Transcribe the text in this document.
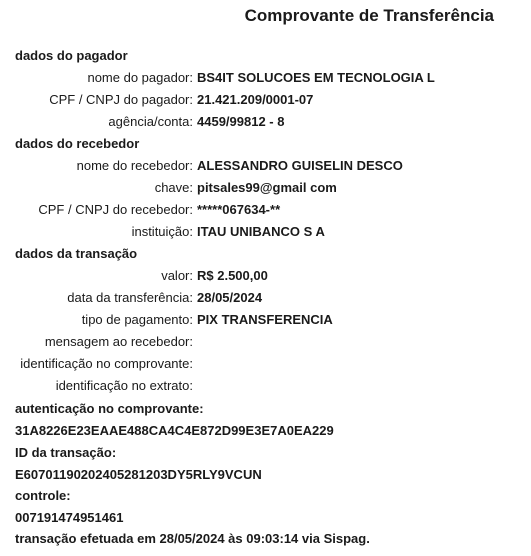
Comprovante de Transferência
dados do pagador
nome do pagador: BS4IT SOLUCOES EM TECNOLOGIA L
CPF / CNPJ do pagador: 21.421.209/0001-07
agência/conta: 4459/99812 - 8
dados do recebedor
nome do recebedor: ALESSANDRO GUISELIN DESCO
chave: pitsales99@gmail com
CPF / CNPJ do recebedor: *****067634-**
instituição: ITAU UNIBANCO S A
dados da transação
valor: R$ 2.500,00
data da transferência: 28/05/2024
tipo de pagamento: PIX TRANSFERENCIA
mensagem ao recebedor:
identificação no comprovante:
identificação no extrato:
autenticação no comprovante:
31A8226E23EAAE488CA4C4E872D99E3E7A0EA229
ID da transação:
E60701190202405281203DY5RLY9VCUN
controle:
007191474951461
transação efetuada em 28/05/2024 às 09:03:14 via Sispag.
